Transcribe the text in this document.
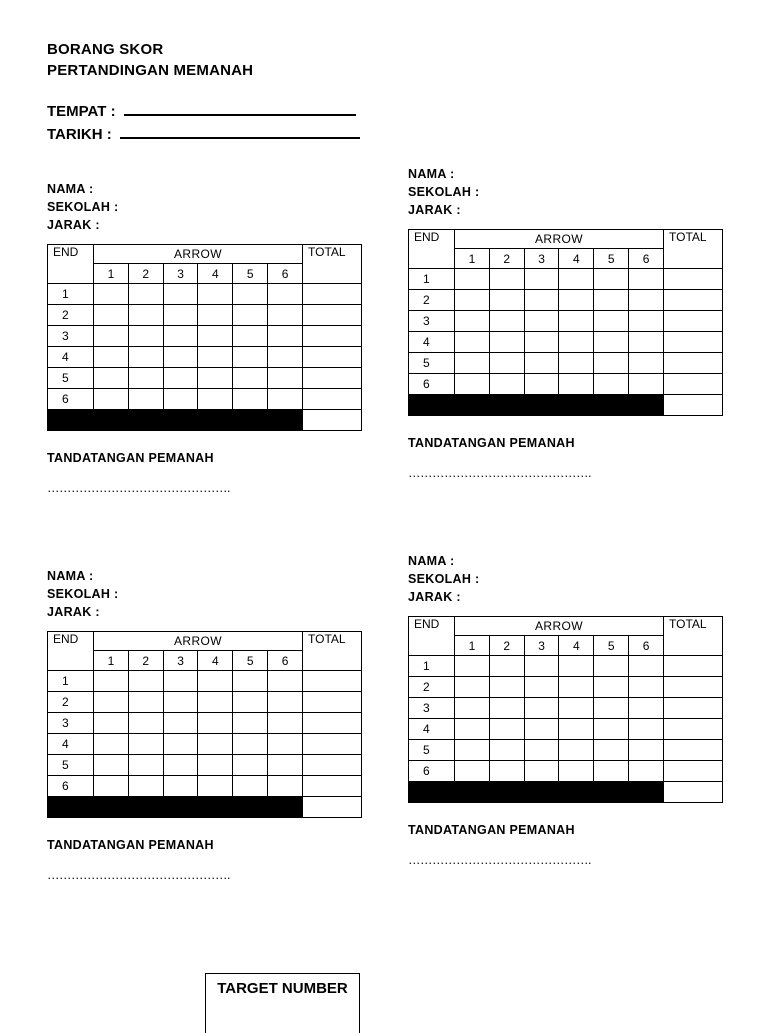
BORANG SKOR
PERTANDINGAN MEMANAH
TEMPAT :
TARIKH :
NAMA :
SEKOLAH :
JARAK :
END	ARROW						TOTAL
	1	2	3	4	5	6	
1							
2							
3							
4							
5							
6							

TANDATANGAN PEMANAH
……………………………………….
NAMA :
SEKOLAH :
JARAK :
END	ARROW						TOTAL
	1	2	3	4	5	6	
1							
2							
3							
4							
5							
6							

TANDATANGAN PEMANAH
……………………………………….
NAMA :
SEKOLAH :
JARAK :
END	ARROW						TOTAL
	1	2	3	4	5	6	
1							
2							
3							
4							
5							
6							

TANDATANGAN PEMANAH
……………………………………….
NAMA :
SEKOLAH :
JARAK :
END	ARROW						TOTAL
	1	2	3	4	5	6	
1							
2							
3							
4							
5							
6							

TANDATANGAN PEMANAH
……………………………………….
TARGET NUMBER
